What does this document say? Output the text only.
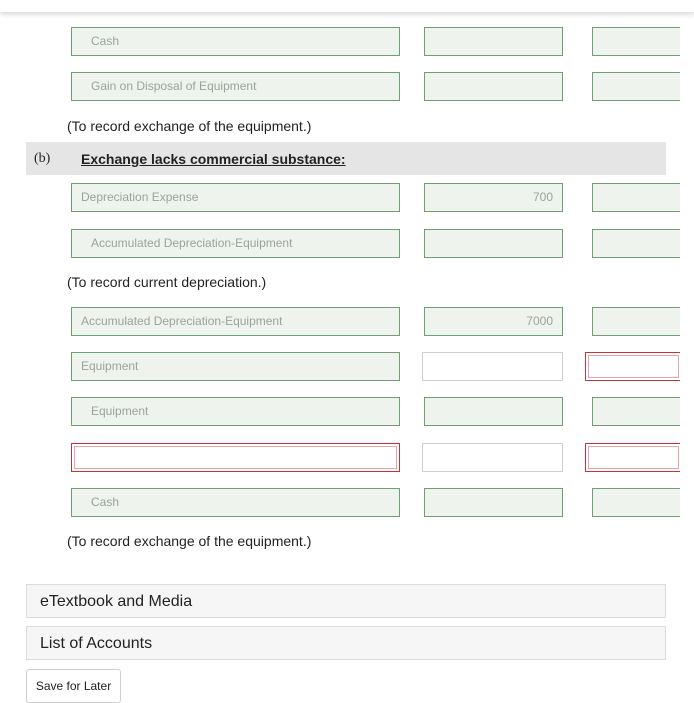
Cash
Gain on Disposal of Equipment
(To record exchange of the equipment.)
(b) Exchange lacks commercial substance:
Depreciation Expense	700
Accumulated Depreciation-Equipment
(To record current depreciation.)
Accumulated Depreciation-Equipment	7000
Equipment
Equipment
Cash
(To record exchange of the equipment.)
eTextbook and Media
List of Accounts
Save for Later
